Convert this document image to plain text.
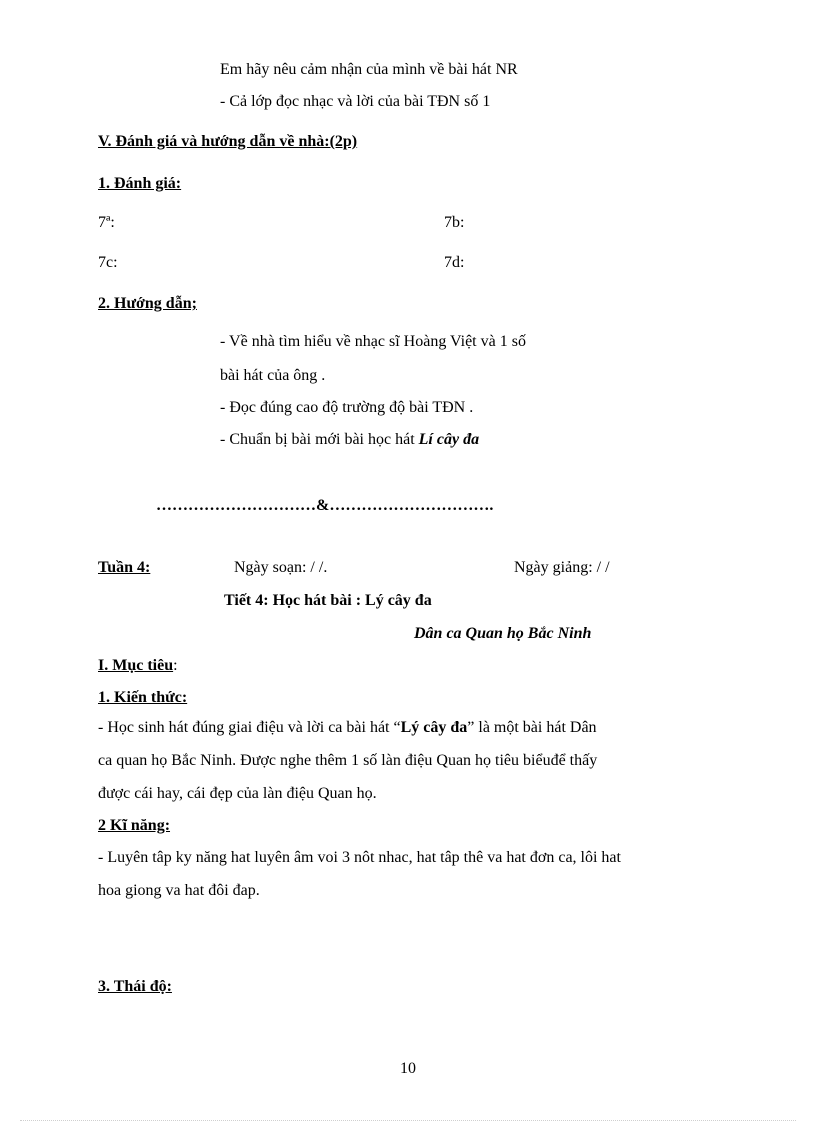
Em hãy nêu cảm nhận của mình về bài hát NR
- Cả lớp đọc nhạc và lời của bài TĐN số 1
V. Đánh giá và hướng dẫn về nhà:(2p)
1. Đánh giá:
7ª:	7b:
7c:	7d:
2. Hướng dẫn;
- Về nhà tìm hiểu về nhạc sĩ Hoàng Việt và 1 số
bài hát của ông .
- Đọc đúng cao độ trường độ bài TĐN .
- Chuẩn bị bài mới bài học hát Lí cây đa
…………………………&………………………….
Tuần 4:	Ngày soạn: / /.	Ngày giảng: / /
Tiết 4: Học hát bài : Lý cây đa
Dân ca Quan họ Bắc Ninh
I. Mục tiêu:
1. Kiến thức:
- Học sinh hát đúng giai điệu và lời ca bài hát “Lý cây đa” là một bài hát Dân
ca quan họ Bắc Ninh. Được nghe thêm 1 số làn điệu Quan họ tiêu biểuđể thấy
được cái hay, cái đẹp của làn điệu Quan họ.
2 Kĩ năng:
- Luyên tâp ky năng hat luyên âm voi 3 nôt nhac, hat tâp thê va hat đơn ca, lôi hat
hoa giong va hat đôi đap.
3. Thái độ:
10
